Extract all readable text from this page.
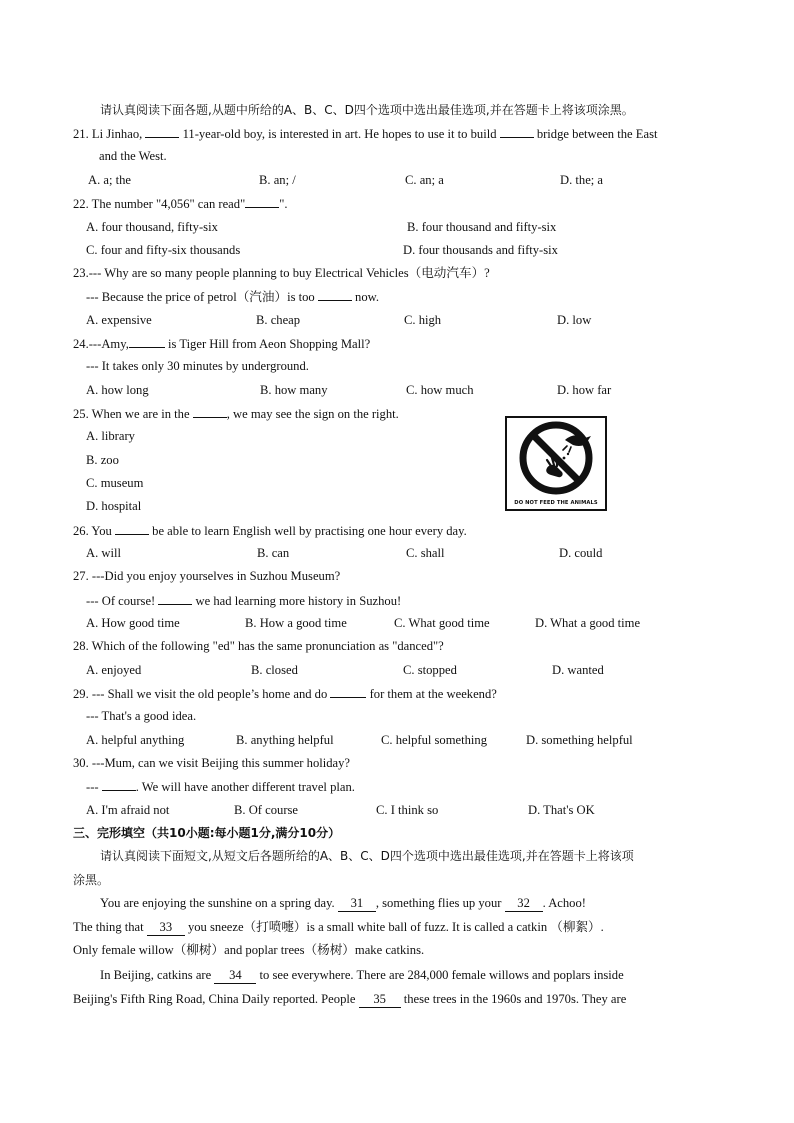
请认真阅读下面各题,从题中所给的A、B、C、D四个选项中选出最佳选项,并在答题卡上将该项涂黑。
21. Li Jinhao,	11-year-old boy, is interested in art. He hopes to use it to build	bridge between the East
and the West.
A. a; the	B. an; /	C. an; a	D. the; a
22. The number "4,056" can read"	".
A. four thousand, fifty-six	B. four thousand and fifty-six
C. four and fifty-six thousands	D. four thousands and fifty-six
23.--- Why are so many people planning to buy Electrical Vehicles（电动汽车）?
--- Because the price of petrol（汽油）is too	now.
A. expensive	B. cheap	C. high	D. low
24.---Amy,	is Tiger Hill from Aeon Shopping Mall?
--- It takes only 30 minutes by underground.
A. how long	B. how many	C. how much	D. how far
25. When we are in the	, we may see the sign on the right.
A. library
B. zoo
C. museum
D. hospital	DO NOT FEED THE ANIMALS
26. You	be able to learn English well by practising one hour every day.
A. will	B. can	C. shall	D. could
27. ---Did you enjoy yourselves in Suzhou Museum?
--- Of course!	we had learning more history in Suzhou!
A. How good time	B. How a good time	C. What good time	D. What a good time
28. Which of the following "ed" has the same pronunciation as "danced"?
A. enjoyed	B. closed	C. stopped	D. wanted
29. --- Shall we visit the old people’s home and do	for them at the weekend?
--- That's a good idea.
A. helpful anything	B. anything helpful	C. helpful something	D. something helpful
30. ---Mum, can we visit Beijing this summer holiday?
---	. We will have another different travel plan.
A. I'm afraid not	B. Of course	C. I think so	D. That's OK
三、完形填空（共10小题:每小题1分,满分10分）
请认真阅读下面短文,从短文后各题所给的A、B、C、D四个选项中选出最佳选项,并在答题卡上将该项
涂黑。
You are enjoying the sunshine on a spring day. 31 , something flies up your 32 . Achoo!
The thing that 33 you sneeze（打喷嚏）is a small white ball of fuzz. It is called a catkin （柳絮）.
Only female willow（柳树）and poplar trees（杨树）make catkins.
In Beijing, catkins are 34 to see everywhere. There are 284,000 female willows and poplars inside
Beijing's Fifth Ring Road, China Daily reported. People 35 these trees in the 1960s and 1970s. They are
